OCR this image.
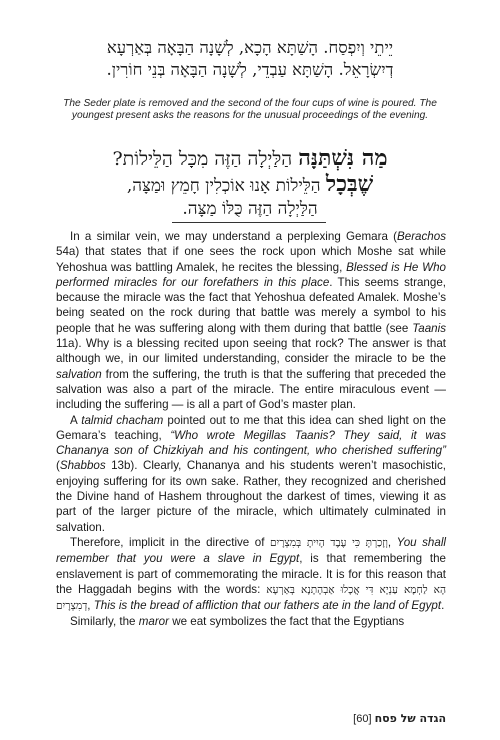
יֵיתֵי וְיִפְסַח. הָשַׁתָּא הָכָא, לְשָׁנָה הַבָּאָה בְּאַרְעָא
דְיִשְׂרָאֵל. הָשַׁתָּא עַבְדֵי, לְשָׁנָה הַבָּאָה בְּנֵי חוֹרִין.
The Seder plate is removed and the second of the four cups of wine is poured. The youngest present asks the reasons for the unusual proceedings of the evening.
מַה נִּשְׁתַּנָּה הַלַּיְלָה הַזֶּה מִכָּל הַלֵּילוֹת?
שֶׁבְּכָל הַלֵּילוֹת אָנוּ אוֹכְלִין חָמֵץ וּמַצָּה,
הַלַּיְלָה הַזֶּה כֻּלּוֹ מַצָּה.

In a similar vein, we may understand a perplexing Gemara (Berachos 54a) that states that if one sees the rock upon which Moshe sat while Yehoshua was battling Amalek, he recites the blessing, Blessed is He Who performed miracles for our forefathers in this place. This seems strange, because the miracle was the fact that Yehoshua defeated Amalek. Moshe’s being seated on the rock during that battle was merely a symbol to his people that he was suffering along with them during that battle (see Taanis 11a). Why is a blessing recited upon seeing that rock? The answer is that although we, in our limited understanding, consider the miracle to be the salvation from the suffering, the truth is that the suffering that preceded the salvation was also a part of the miracle. The entire miraculous event — including the suffering — is all a part of God’s master plan.

A talmid chacham pointed out to me that this idea can shed light on the Gemara’s teaching, “Who wrote Megillas Taanis? They said, it was Chananya son of Chizkiyah and his contingent, who cherished suffering” (Shabbos 13b). Clearly, Chananya and his students weren’t masochistic, enjoying suffering for its own sake. Rather, they recognized and cherished the Divine hand of Hashem throughout the darkest of times, viewing it as part of the larger picture of the miracle, which ultimately culminated in salvation.

Therefore, implicit in the directive of וְזָכַרְתָּ כִּי עֶבֶד הָיִיתָ בְּמִצְרָיִם, You shall remember that you were a slave in Egypt, is that remembering the enslavement is part of commemorating the miracle. It is for this reason that the Haggadah begins with the words: הָא לַחְמָא עַנְיָא דִּי אֲכָלוּ אַבְהָתָנָא בְּאַרְעָא דְמִצְרָיִם, This is the bread of affliction that our fathers ate in the land of Egypt.

Similarly, the maror we eat symbolizes the fact that the Egyptians

הגדה של פסח [60]
